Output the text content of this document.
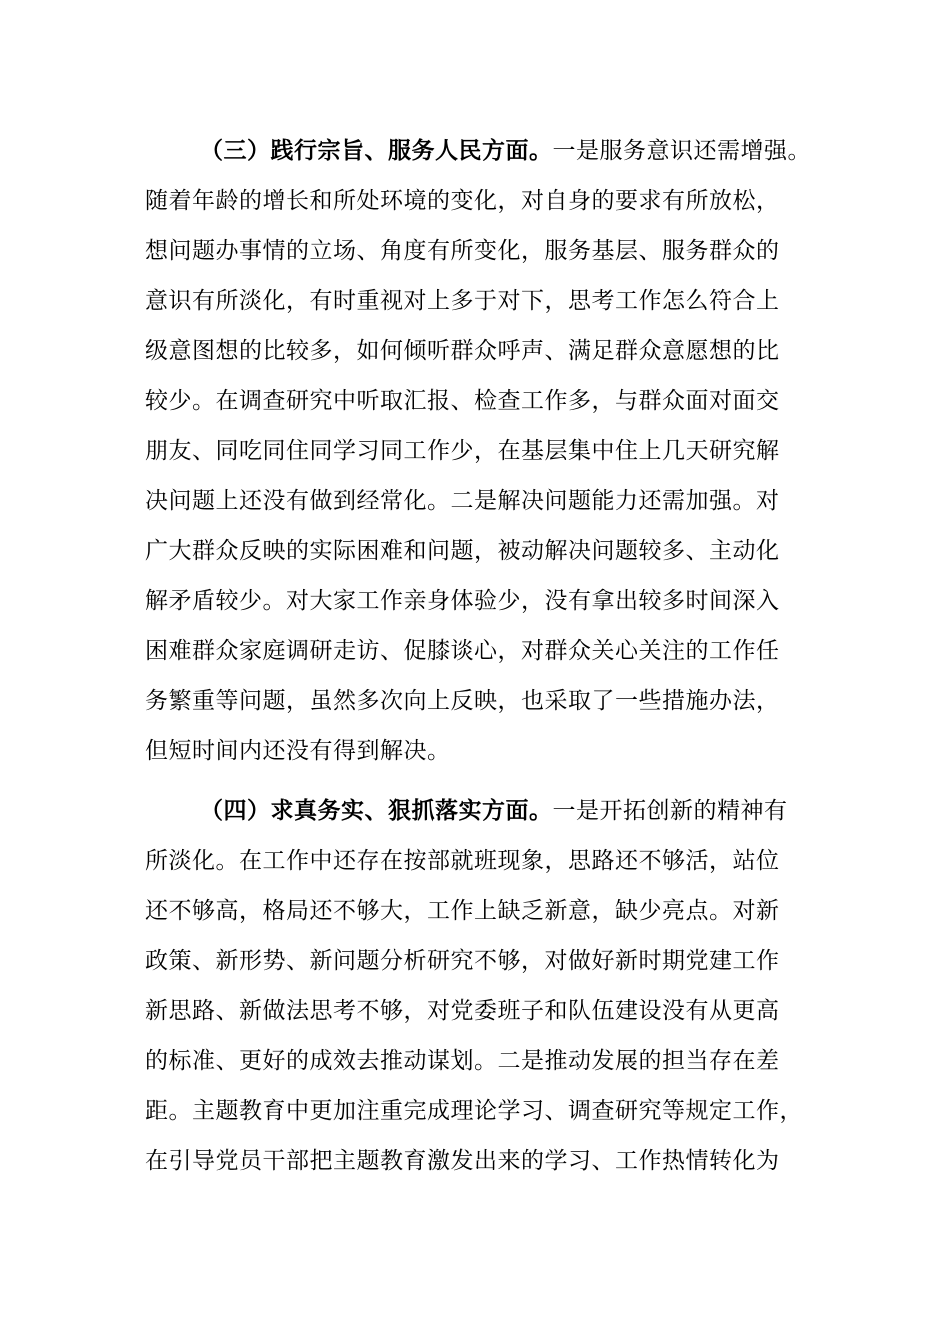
（三）践行宗旨、服务人民方面。一是服务意识还需增强。
随着年龄的增长和所处环境的变化，对自身的要求有所放松，
想问题办事情的立场、角度有所变化，服务基层、服务群众的
意识有所淡化，有时重视对上多于对下，思考工作怎么符合上
级意图想的比较多，如何倾听群众呼声、满足群众意愿想的比
较少。在调查研究中听取汇报、检查工作多，与群众面对面交
朋友、同吃同住同学习同工作少，在基层集中住上几天研究解
决问题上还没有做到经常化。二是解决问题能力还需加强。对
广大群众反映的实际困难和问题，被动解决问题较多、主动化
解矛盾较少。对大家工作亲身体验少，没有拿出较多时间深入
困难群众家庭调研走访、促膝谈心，对群众关心关注的工作任
务繁重等问题，虽然多次向上反映，也采取了一些措施办法，
但短时间内还没有得到解决。
（四）求真务实、狠抓落实方面。一是开拓创新的精神有
所淡化。在工作中还存在按部就班现象，思路还不够活，站位
还不够高，格局还不够大，工作上缺乏新意，缺少亮点。对新
政策、新形势、新问题分析研究不够，对做好新时期党建工作
新思路、新做法思考不够，对党委班子和队伍建设没有从更高
的标准、更好的成效去推动谋划。二是推动发展的担当存在差
距。主题教育中更加注重完成理论学习、调查研究等规定工作，
在引导党员干部把主题教育激发出来的学习、工作热情转化为
